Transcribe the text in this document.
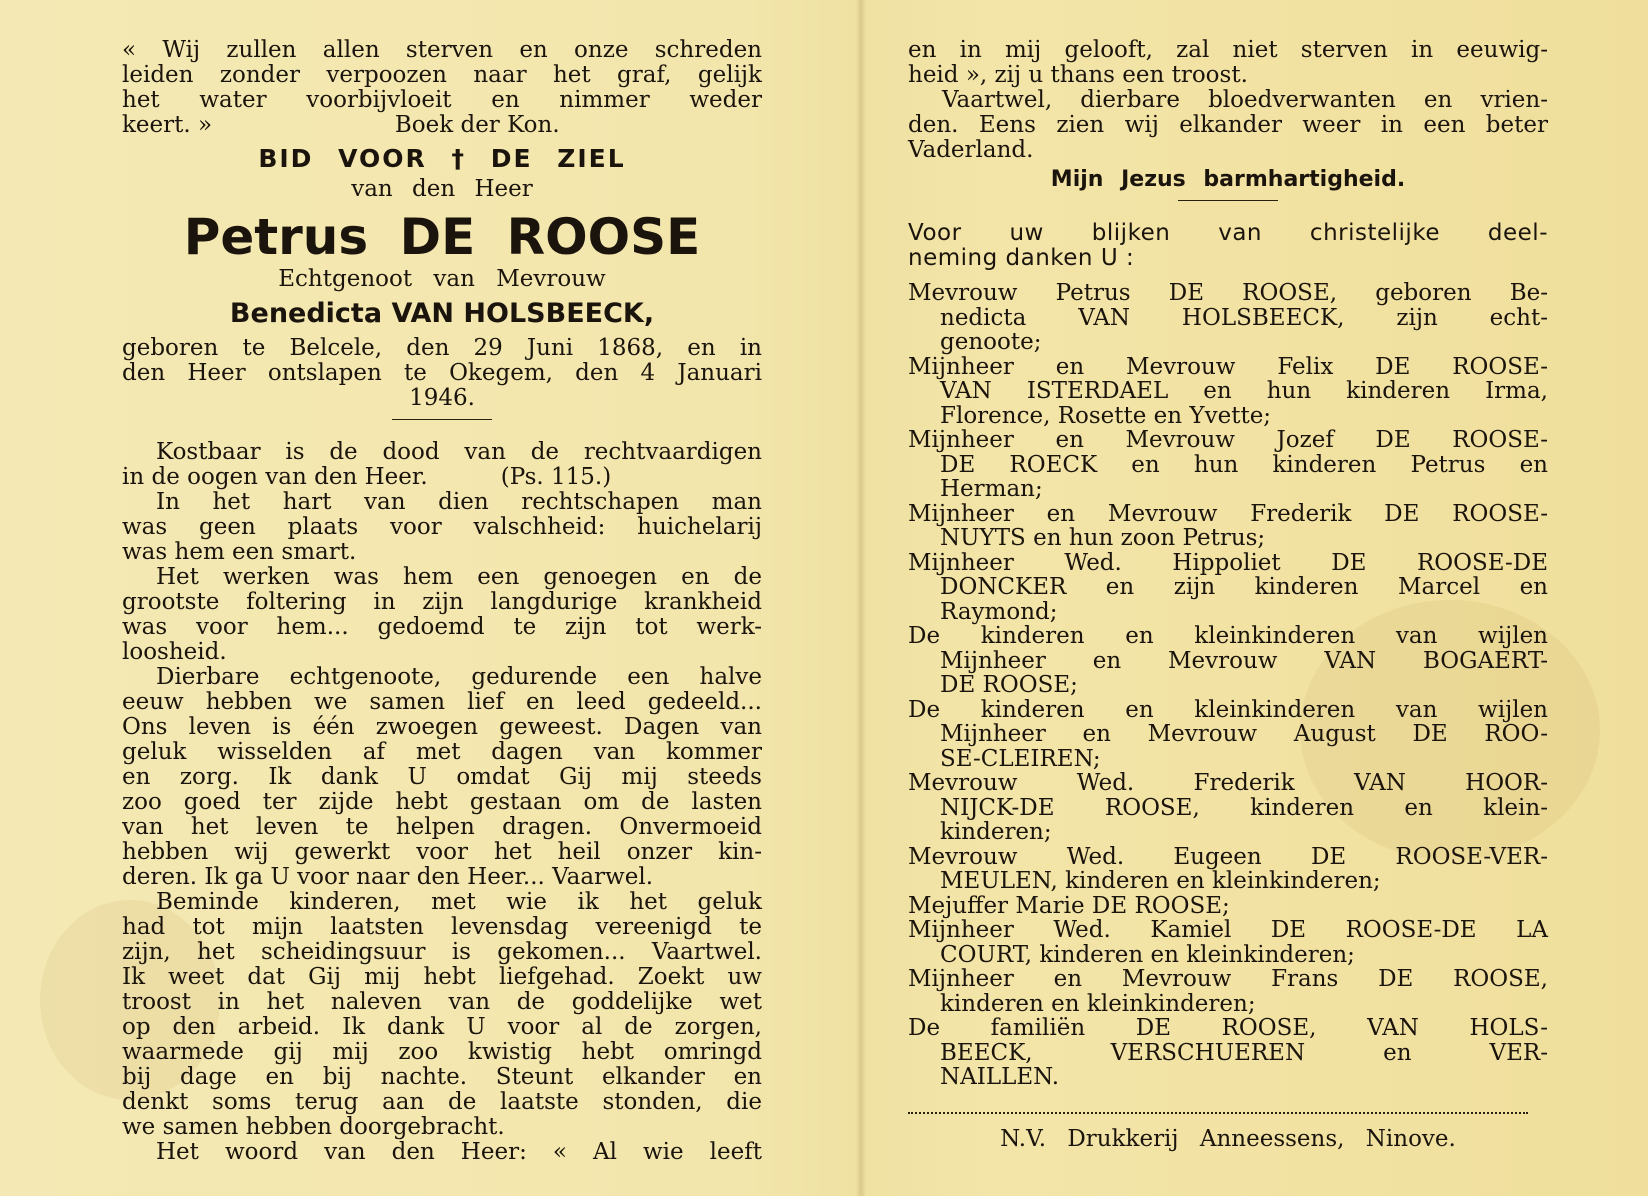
« Wij zullen allen sterven en onze schreden
leiden zonder verpoozen naar het graf, gelijk
het water voorbijvloeit en nimmer weder
keert. »                         Boek der Kon.
BID VOOR † DE ZIEL
van den Heer
Petrus DE ROOSE
Echtgenoot van Mevrouw
Benedicta VAN HOLSBEECK,
geboren te Belcele, den 29 Juni 1868, en in
den Heer ontslapen te Okegem, den 4 Januari
1946.
Kostbaar is de dood van de rechtvaardigen
in de oogen van den Heer.          (Ps. 115.)
In het hart van dien rechtschapen man
was geen plaats voor valschheid: huichelarij
was hem een smart.
Het werken was hem een genoegen en de
grootste foltering in zijn langdurige krankheid
was voor hem... gedoemd te zijn tot werk-
loosheid.
Dierbare echtgenoote, gedurende een halve
eeuw hebben we samen lief en leed gedeeld...
Ons leven is één zwoegen geweest. Dagen van
geluk wisselden af met dagen van kommer
en zorg. Ik dank U omdat Gij mij steeds
zoo goed ter zijde hebt gestaan om de lasten
van het leven te helpen dragen. Onvermoeid
hebben wij gewerkt voor het heil onzer kin-
deren. Ik ga U voor naar den Heer... Vaarwel.
Beminde kinderen, met wie ik het geluk
had tot mijn laatsten levensdag vereenigd te
zijn, het scheidingsuur is gekomen... Vaartwel.
Ik weet dat Gij mij hebt liefgehad. Zoekt uw
troost in het naleven van de goddelijke wet
op den arbeid. Ik dank U voor al de zorgen,
waarmede gij mij zoo kwistig hebt omringd
bij dage en bij nachte. Steunt elkander en
denkt soms terug aan de laatste stonden, die
we samen hebben doorgebracht.
Het woord van den Heer: « Al wie leeft
en in mij gelooft, zal niet sterven in eeuwig-
heid », zij u thans een troost.
Vaartwel, dierbare bloedverwanten en vrien-
den. Eens zien wij elkander weer in een beter
Vaderland.
Mijn Jezus barmhartigheid.
Voor uw blijken van christelijke deel-
neming danken U :
Mevrouw Petrus DE ROOSE, geboren Be-
nedicta VAN HOLSBEECK, zijn echt-
genoote;
Mijnheer en Mevrouw Felix DE ROOSE-
VAN ISTERDAEL en hun kinderen Irma,
Florence, Rosette en Yvette;
Mijnheer en Mevrouw Jozef DE ROOSE-
DE ROECK en hun kinderen Petrus en
Herman;
Mijnheer en Mevrouw Frederik DE ROOSE-
NUYTS en hun zoon Petrus;
Mijnheer Wed. Hippoliet DE ROOSE-DE
DONCKER en zijn kinderen Marcel en
Raymond;
De kinderen en kleinkinderen van wijlen
Mijnheer en Mevrouw VAN BOGAERT-
DE ROOSE;
De kinderen en kleinkinderen van wijlen
Mijnheer en Mevrouw August DE ROO-
SE-CLEIREN;
Mevrouw Wed. Frederik VAN HOOR-
NIJCK-DE ROOSE, kinderen en klein-
kinderen;
Mevrouw Wed. Eugeen DE ROOSE-VER-
MEULEN, kinderen en kleinkinderen;
Mejuffer Marie DE ROOSE;
Mijnheer Wed. Kamiel DE ROOSE-DE LA
COURT, kinderen en kleinkinderen;
Mijnheer en Mevrouw Frans DE ROOSE,
kinderen en kleinkinderen;
De familiën DE ROOSE, VAN HOLS-
BEECK, VERSCHUEREN en VER-
NAILLEN.
N.V. Drukkerij Anneessens, Ninove.
